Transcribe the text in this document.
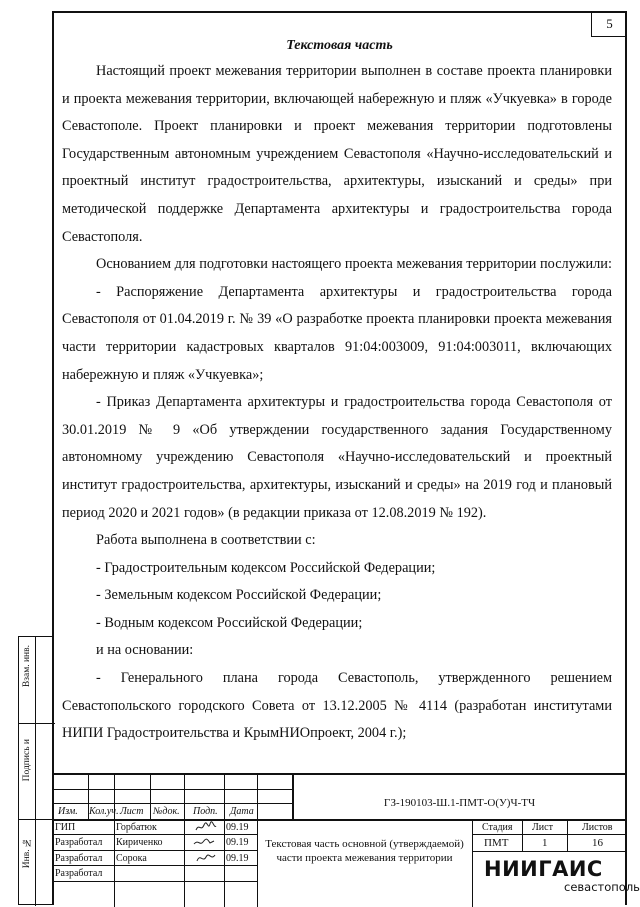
5
Текстовая часть

Настоящий проект межевания территории выполнен в составе проекта планировки и проекта межевания территории, включающей набережную и пляж «Учкуевка» в городе Севастополе. Проект планировки и проект межевания территории подготовлены Государственным автономным учреждением Севастополя «Научно-исследовательский и проектный институт градостроительства, архитектуры, изысканий и среды» при методической поддержке Департамента архитектуры и градостроительства города Севастополя.

Основанием для подготовки настоящего проекта межевания территории послужили:

- Распоряжение Департамента архитектуры и градостроительства города Севастополя от 01.04.2019 г. № 39 «О разработке проекта планировки проекта межевания части территории кадастровых кварталов 91:04:003009, 91:04:003011, включающих набережную и пляж «Учкуевка»;

- Приказ Департамента архитектуры и градостроительства города Севастополя от 30.01.2019 № 9 «Об утверждении государственного задания Государственному автономному учреждению Севастополя «Научно-исследовательский и проектный институт градостроительства, архитектуры, изысканий и среды» на 2019 год и плановый период 2020 и 2021 годов» (в редакции приказа от 12.08.2019 № 192).

Работа выполнена в соответствии с:

- Градостроительным кодексом Российской Федерации;

- Земельным кодексом Российской Федерации;

- Водным кодексом Российской Федерации;

и на основании:

- Генерального плана города Севастополь, утвержденного решением Севастопольского городского Совета от 13.12.2005 № 4114 (разработан институтами НИПИ Градостроительства и КрымНИОпроект, 2004 г.);

Взам. инв.
Подпись и
Инв. №
ГЗ-190103-Ш.1-ПМТ-О(У)Ч-ТЧ
Изм. Кол.уч. Лист №док. Подп. Дата
ГИП	Горбатюк	09.19
Разработал Кириченко	09.19
Разработал Сорока	09.19
Разработал
Текстовая часть основной (утверждаемой) части проекта межевания территории
Стадия Лист	Листов
ПМТ	1	16
НИИГАИС
севастополь
